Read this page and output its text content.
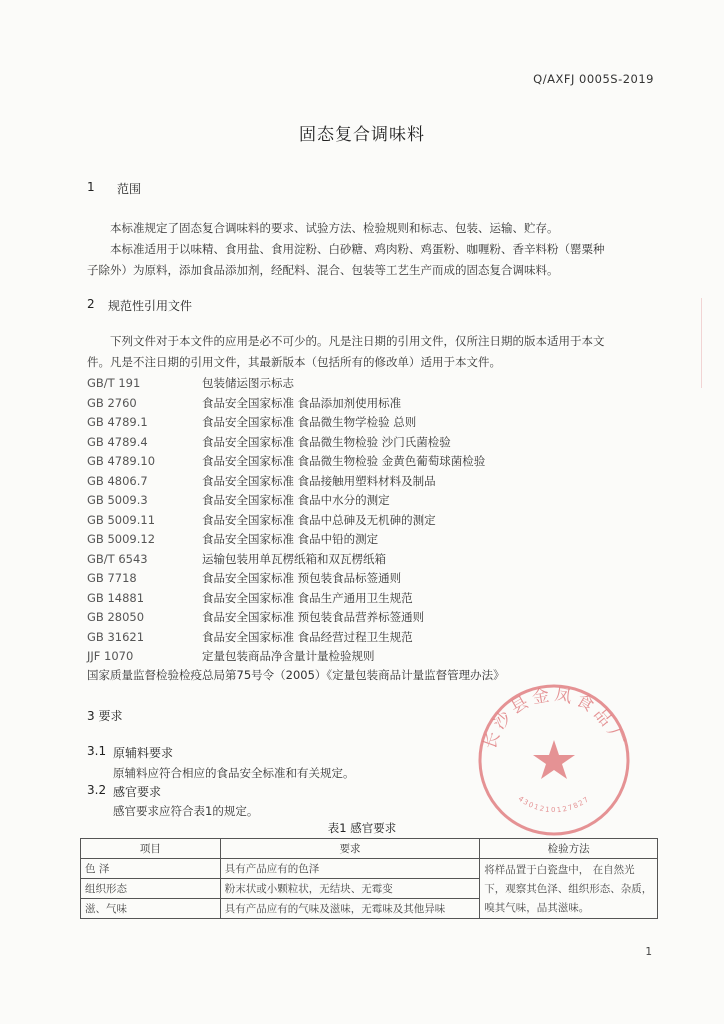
Q/AXFJ 0005S-2019
固态复合调味料
1 范围
本标准规定了固态复合调味料的要求、试验方法、检验规则和标志、包装、运输、贮存。
本标准适用于以味精、食用盐、食用淀粉、白砂糖、鸡肉粉、鸡蛋粉、咖喱粉、香辛料粉（罂粟种
子除外）为原料，添加食品添加剂，经配料、混合、包装等工艺生产而成的固态复合调味料。
2 规范性引用文件
下列文件对于本文件的应用是必不可少的。凡是注日期的引用文件，仅所注日期的版本适用于本文
件。凡是不注日期的引用文件，其最新版本（包括所有的修改单）适用于本文件。
GB/T 191	包装储运图示标志
GB 2760	食品安全国家标准 食品添加剂使用标准
GB 4789.1	食品安全国家标准 食品微生物学检验 总则
GB 4789.4	食品安全国家标准 食品微生物检验 沙门氏菌检验
GB 4789.10	食品安全国家标准 食品微生物检验 金黄色葡萄球菌检验
GB 4806.7	食品安全国家标准 食品接触用塑料材料及制品
GB 5009.3	食品安全国家标准 食品中水分的测定
GB 5009.11	食品安全国家标准 食品中总砷及无机砷的测定
GB 5009.12	食品安全国家标准 食品中铅的测定
GB/T 6543	运输包装用单瓦楞纸箱和双瓦楞纸箱
GB 7718	食品安全国家标准 预包装食品标签通则
GB 14881	食品安全国家标准 食品生产通用卫生规范
GB 28050	食品安全国家标准 预包装食品营养标签通则
GB 31621	食品安全国家标准 食品经营过程卫生规范
JJF 1070	定量包装商品净含量计量检验规则
国家质量监督检验检疫总局第75号令（2005）《定量包装商品计量监督管理办法》
3 要求
3.1 原辅料要求
原辅料应符合相应的食品安全标准和有关规定。
3.2 感官要求
感官要求应符合表1的规定。
表1 感官要求
项目	要求	检验方法
色 泽	具有产品应有的色泽	将样品置于白瓷盘中， 在自然光
下，观察其色泽、组织形态、杂质，
嗅其气味，品其滋味。

组织形态	粉末状或小颗粒状，无结块、无霉变	
滋、气味	具有产品应有的气味及滋味，无霉味及其他异味	
长沙县金凤食品厂
4301210127827
1
